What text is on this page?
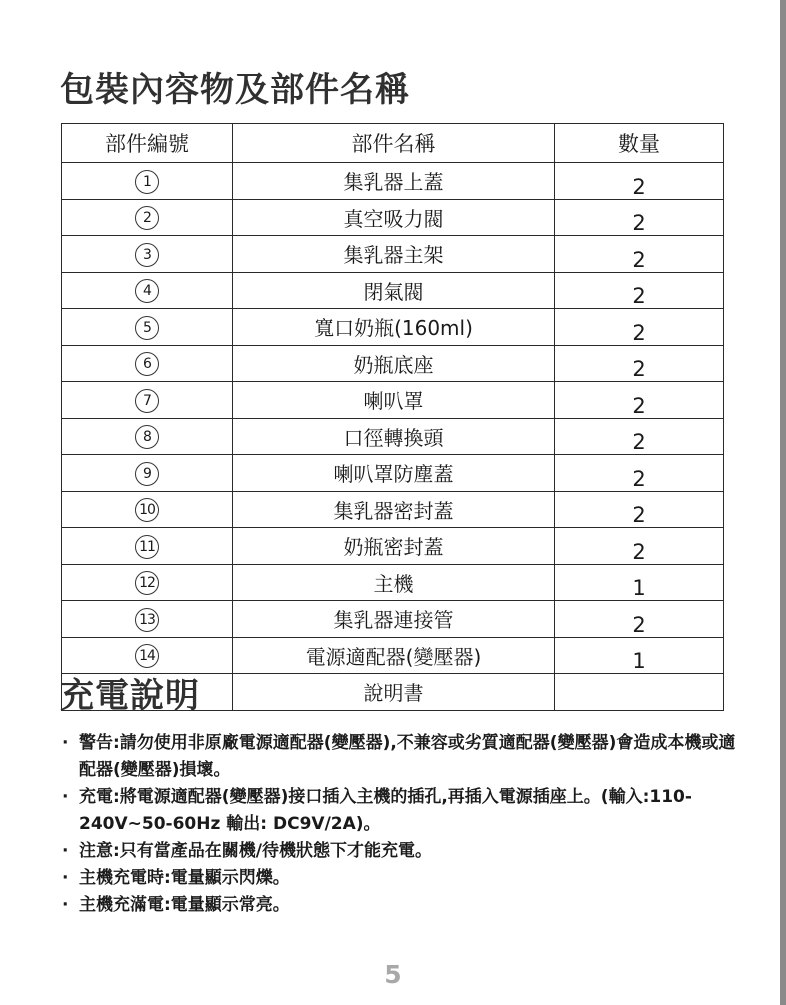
包裝內容物及部件名稱
部件編號	部件名稱	數量
1	集乳器上蓋	2
2	真空吸力閥	2
3	集乳器主架	2
4	閉氣閥	2
5	寬口奶瓶(160ml)	2
6	奶瓶底座	2
7	喇叭罩	2
8	口徑轉換頭	2
9	喇叭罩防塵蓋	2
10	集乳器密封蓋	2
11	奶瓶密封蓋	2
12	主機	1
13	集乳器連接管	2
14	電源適配器(變壓器)	1
	說明書	
充電說明
· 警告:請勿使用非原廠電源適配器(變壓器),不兼容或劣質適配器(變壓器)會造成本機或適配器(變壓器)損壞。
· 充電:將電源適配器(變壓器)接口插入主機的插孔,再插入電源插座上。(輸入:110-240V~50-60Hz 輸出: DC9V/2A)。
· 注意:只有當產品在關機/待機狀態下才能充電。
· 主機充電時:電量顯示閃爍。
· 主機充滿電:電量顯示常亮。
5
